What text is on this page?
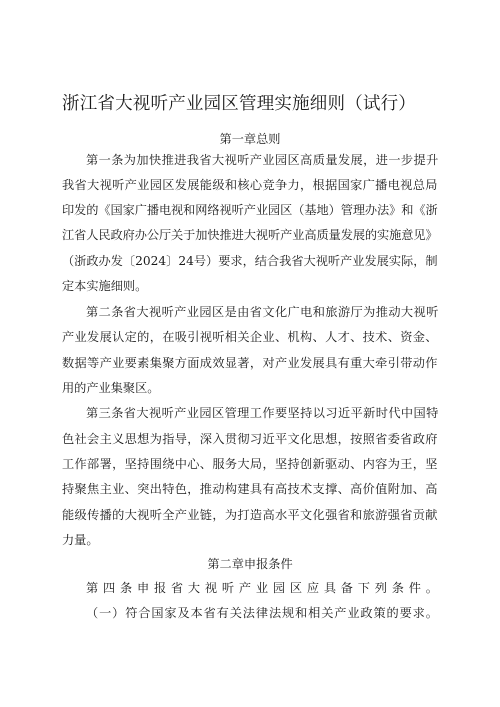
浙江省大视听产业园区管理实施细则（试行）
第一章总则
第一条为加快推进我省大视听产业园区高质量发展，进一步提升
我省大视听产业园区发展能级和核心竞争力，根据国家广播电视总局
印发的《国家广播电视和网络视听产业园区（基地）管理办法》和《浙
江省人民政府办公厅关于加快推进大视听产业高质量发展的实施意见》
（浙政办发〔2024〕24号）要求，结合我省大视听产业发展实际，制
定本实施细则。
第二条省大视听产业园区是由省文化广电和旅游厅为推动大视听
产业发展认定的，在吸引视听相关企业、机构、人才、技术、资金、
数据等产业要素集聚方面成效显著，对产业发展具有重大牵引带动作
用的产业集聚区。
第三条省大视听产业园区管理工作要坚持以习近平新时代中国特
色社会主义思想为指导，深入贯彻习近平文化思想，按照省委省政府
工作部署，坚持围绕中心、服务大局，坚持创新驱动、内容为王，坚
持聚焦主业、突出特色，推动构建具有高技术支撑、高价值附加、高
能级传播的大视听全产业链，为打造高水平文化强省和旅游强省贡献
力量。
第二章申报条件
第四条申报省大视听产业园区应具备下列条件。
（一）符合国家及本省有关法律法规和相关产业政策的要求。
